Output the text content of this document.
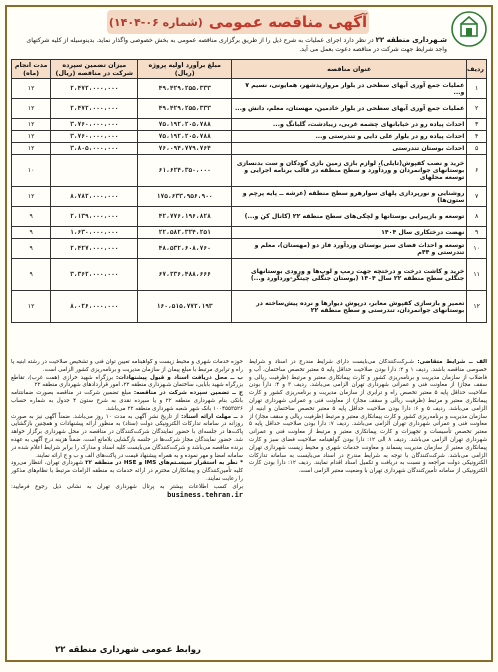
آگهی مناقصه عمومی
(شماره ۰۶-۱۴۰۴)
شـهرداری منطقه ۲۲ در نظر دارد اجرای عملیات به شرح ذیل را از طریق برگزاری مناقصه عمومی به بخش خصوصی واگذار نماید. بدینوسیله از کلیه شرکتهای واجد شرایط جهت شرکت در مناقصه دعوت بعمل می آید.
ردیف	عنوان مناقصه	مبلغ برآورد اولیه پروژه (ریال)	میزان تضمین سپرده شرکت در مناقصه (ریال)	مدت انجام (ماه)
۱	عملیات جمع آوری آبهای سطحی در بلوار مرواریدشهر، همایونی، نسیم ۷ و...	۴۹،۴۲۹،۲۵۵،۳۳۳	۲،۴۷۲،۰۰۰،۰۰۰	۱۲
۲	عملیات جمع آوری آبهای سطحی در بلوار خادمین، مهستان، معلم، دانش و...	۴۹،۴۲۹،۲۵۵،۳۳۳	۲،۴۷۲،۰۰۰،۰۰۰	۱۲
۳	احداث پیاده رو در خیابانهای چشمه غربی، زیبادشت، گلبانگ و...	۷۵،۱۹۲،۲۰۵،۷۸۸	۳،۷۶۰،۰۰۰،۰۰۰	۱۲
۴	احداث پیاده رو در بلوار علی دایی و تندرستی و...	۷۵،۱۹۲،۲۰۵،۷۸۸	۳،۷۶۰،۰۰۰،۰۰۰	۱۲
۵	احداث بوستان تندرستی	۷۶،۰۹۴،۷۷۹،۷۶۴	۳،۸۰۵،۰۰۰،۰۰۰	۱۲
۶	خرید و نصب کفپوش(تایلی)، لوازم بازی زمین بازی کودکان و ست بدنسازی بوستانهای جوانمردان و وردآورد و سطح منطقه در قالب برنامه اجرایی و توسعه محلهای	۶۱،۶۲۴،۳۵۰،۰۰۰		۱۰
۷	روشنایی و نورپردازی پلهای سوارهرو سطح منطقه (عرشه ــ پایه پرچم و ستون‌ها)	۱۷۵،۶۳۳،۹۵۶،۹۰۰	۸،۷۸۲،۰۰۰،۰۰۰	۱۲
۸	توسعه و بازپیرایی بوستانها و لچکی‌های سطح منطقه ۲۲ (کانال کن و...)	۴۲،۷۷۶،۱۹۶،۸۲۸	۲،۱۳۹،۰۰۰،۰۰۰	۹
۹	نهضت درختکاری سال ۱۴۰۴	۲۲،۵۸۲،۳۲۴،۲۵۱	۱،۶۳۰،۰۰۰،۰۰۰	۹
۱۰	توسعه و احداث فضای سبز بوستان وردآورد فاز دو (مهستان)، معلم و تندرستی و ۴۴م	۴۸،۵۳۲،۶۰۸،۷۶۰	۲،۴۲۷،۰۰۰،۰۰۰	۹
۱۱	خرید و کاشت درخت و درختچه جهت رمپ و لوپ‌ها و ورودی بوستانهای جنگلی سطح منطقه ۲۲ سال ۱۴۰۴ (بوستان جنگلی چیتگر-وردآورد و...)	۶۷،۲۳۶،۴۸۸،۶۶۶	۳،۳۶۲،۰۰۰،۰۰۰	۹
۱۲	تعمیر و بازسازی کفپوش معابر، درپوش دیوارها و نرده پیش‌ساخته در بوستانهای جوانمردان، تندرستی و سطح منطقه ۲۲	۱۶۰،۵۱۵،۷۷۲،۱۹۳	۸،۰۲۶،۰۰۰،۰۰۰	۱۲
الف ــ شرایط متقاضی: شـرکت‌کنندگان می‌بایست دارای شرایط مندرج در اسناد و شرایط خصوصی مناقصه باشند. ردیف ۱ و ۲: دارا بودن صلاحیت حداقل پایه ۵ معتبر تخصص ساختمان، آب و فاضلاب از سازمان مدیریت و برنامه‌ریزی کشور و کارت پیمانکاری معتبر و مرتبط (ظرفیت ریالی و سقف مجاز) از معاونت فنی و عمرانی شهرداری تهران الزامی می‌باشد. ردیف ۳ و ۴: دارا بودن صلاحیت حداقل پایه ۵ معتبر تخصص راه و ترابری از سازمان مدیریت و برنامه‌ریزی کشور و کارت پیمانکاری معتبر و مرتبط (ظرفیت ریالی و سقف مجاز) از معاونت فنی و عمرانی شهرداری تهران الزامی می‌باشد. ردیف ۵ و ۶: دارا بودن صلاحیت حداقل پایه ۵ معتبر تخصص ساختمان و ابنیه از سازمان مدیریت و برنامه‌ریزی کشور و کارت پیمانکاری معتبر و مرتبط (ظرفیت ریالی و سقف مجاز) از معاونت فنی و عمرانی شهرداری تهران الزامی می‌باشد. ردیف ۷: دارا بودن صلاحیت حداقل پایه ۵ معتبر تخصص تأسیسات و تجهیزات و کارت پیمانکاری معتبر و مرتبط از معاونت فنی و عمرانی شهرداری تهران الزامی می‌باشد. ردیف ۸ الی ۱۲: دارا بودن گواهینامه صلاحیت فضای سبز و کارت پیمانکاری معتبر از سازمان مدیریت پسماند و معاونت خدمات شهری و محیط زیست شهرداری تهران الزامی می‌باشد. شرکت‌کنندگان با توجه به شرایط مندرج در اسناد می‌بایست به سامانه تدارکات الکترونیکی دولت مراجعه و نسبت به دریافت و تکمیل اسناد اقدام نمایند. ردیف ۱۲: دارا بودن کارت الکترونیکی از سامانه تأمین‌کنندگان شهرداری تهران با وضعیت معتبر الزامی است.
حوزه خدمات شهری و محیط زیست و گواهینامه تعیین توان فنی و تشخیص صلاحیت در رشته ابنیه یا راه و ترابری مرتبط با مبلغ پیمان از سازمان مدیریت و برنامه‌ریزی کشور الزامی است.
ب ــ محل دریافت اسناد و قبول پیشنهادات: برزگراه شهید خرازی (همت غرب)، تقاطع بزرگراه شهید بابایی، ساختمان شـهرداری منطقه ۲۲، امور قراردادهای شهرداری منطقه ۲۲
ج ــ تضمین سپرده شرکت در مناقصه: مبلغ تضمین شرکت در مناقصه بصورت ضمانتنامه بانکی بنام شهرداری منطقه ۲۲ و یا سپرده نقدی به شرح ستون ۴ جدول به شماره حساب ۱۰۰۴۵۵۳۵۲۶ بانک شهر شعبه شهرداری منطقه ۲۲ می‌باشد.
د ــ مهلت ارائه اسناد: از تاریخ نشر آگهی به مدت ۱۰ روز می‌باشد. ضمناً آگهی نیز به صورت روزانه در سامانه تدارکات الکترونیکی دولت (ستاد) به منظور ارائه پیشنهادات و همچنین بازگشایی پاکت‌ها در جلسه‌ای با حضور نمایندگان شرکت‌کنندگان در مناقصه در محل شهرداری برگزار خواهد شد. حضور نمایندگان مجاز شرکت‌ها در جلسه بازگشایی بلامانع است. ضمناً هزینه درج آگهی به عهده برنده مناقصه می‌باشد و شرکت‌کنندگان می‌بایست کلیه اسناد و مدارک را برابر شرایط اعلام شده در سامانه امضا و مهر نموده و به همراه پیشنهاد قیمت در پاکت‌های الف و ب و ج ارائه نمایند.
* نظر به استقرار سیسـتم‌های IMS و HSE در منطقه ۲۲ شهرداری تهران، انتظار می‌رود کلیه تأمین‌کنندگان و پیمانکاران محترم در ارائه خدمات به منطقه الزامات مرتبط با نظام‌های مذکور را رعایت نمایند.
برای کسب اطلاعات بیشتر به پرتال شهرداری تهران به نشانی ذیل رجوع فرمایید: business.tehran.ir
روابط عمومی شهرداری منطقه ۲۲
